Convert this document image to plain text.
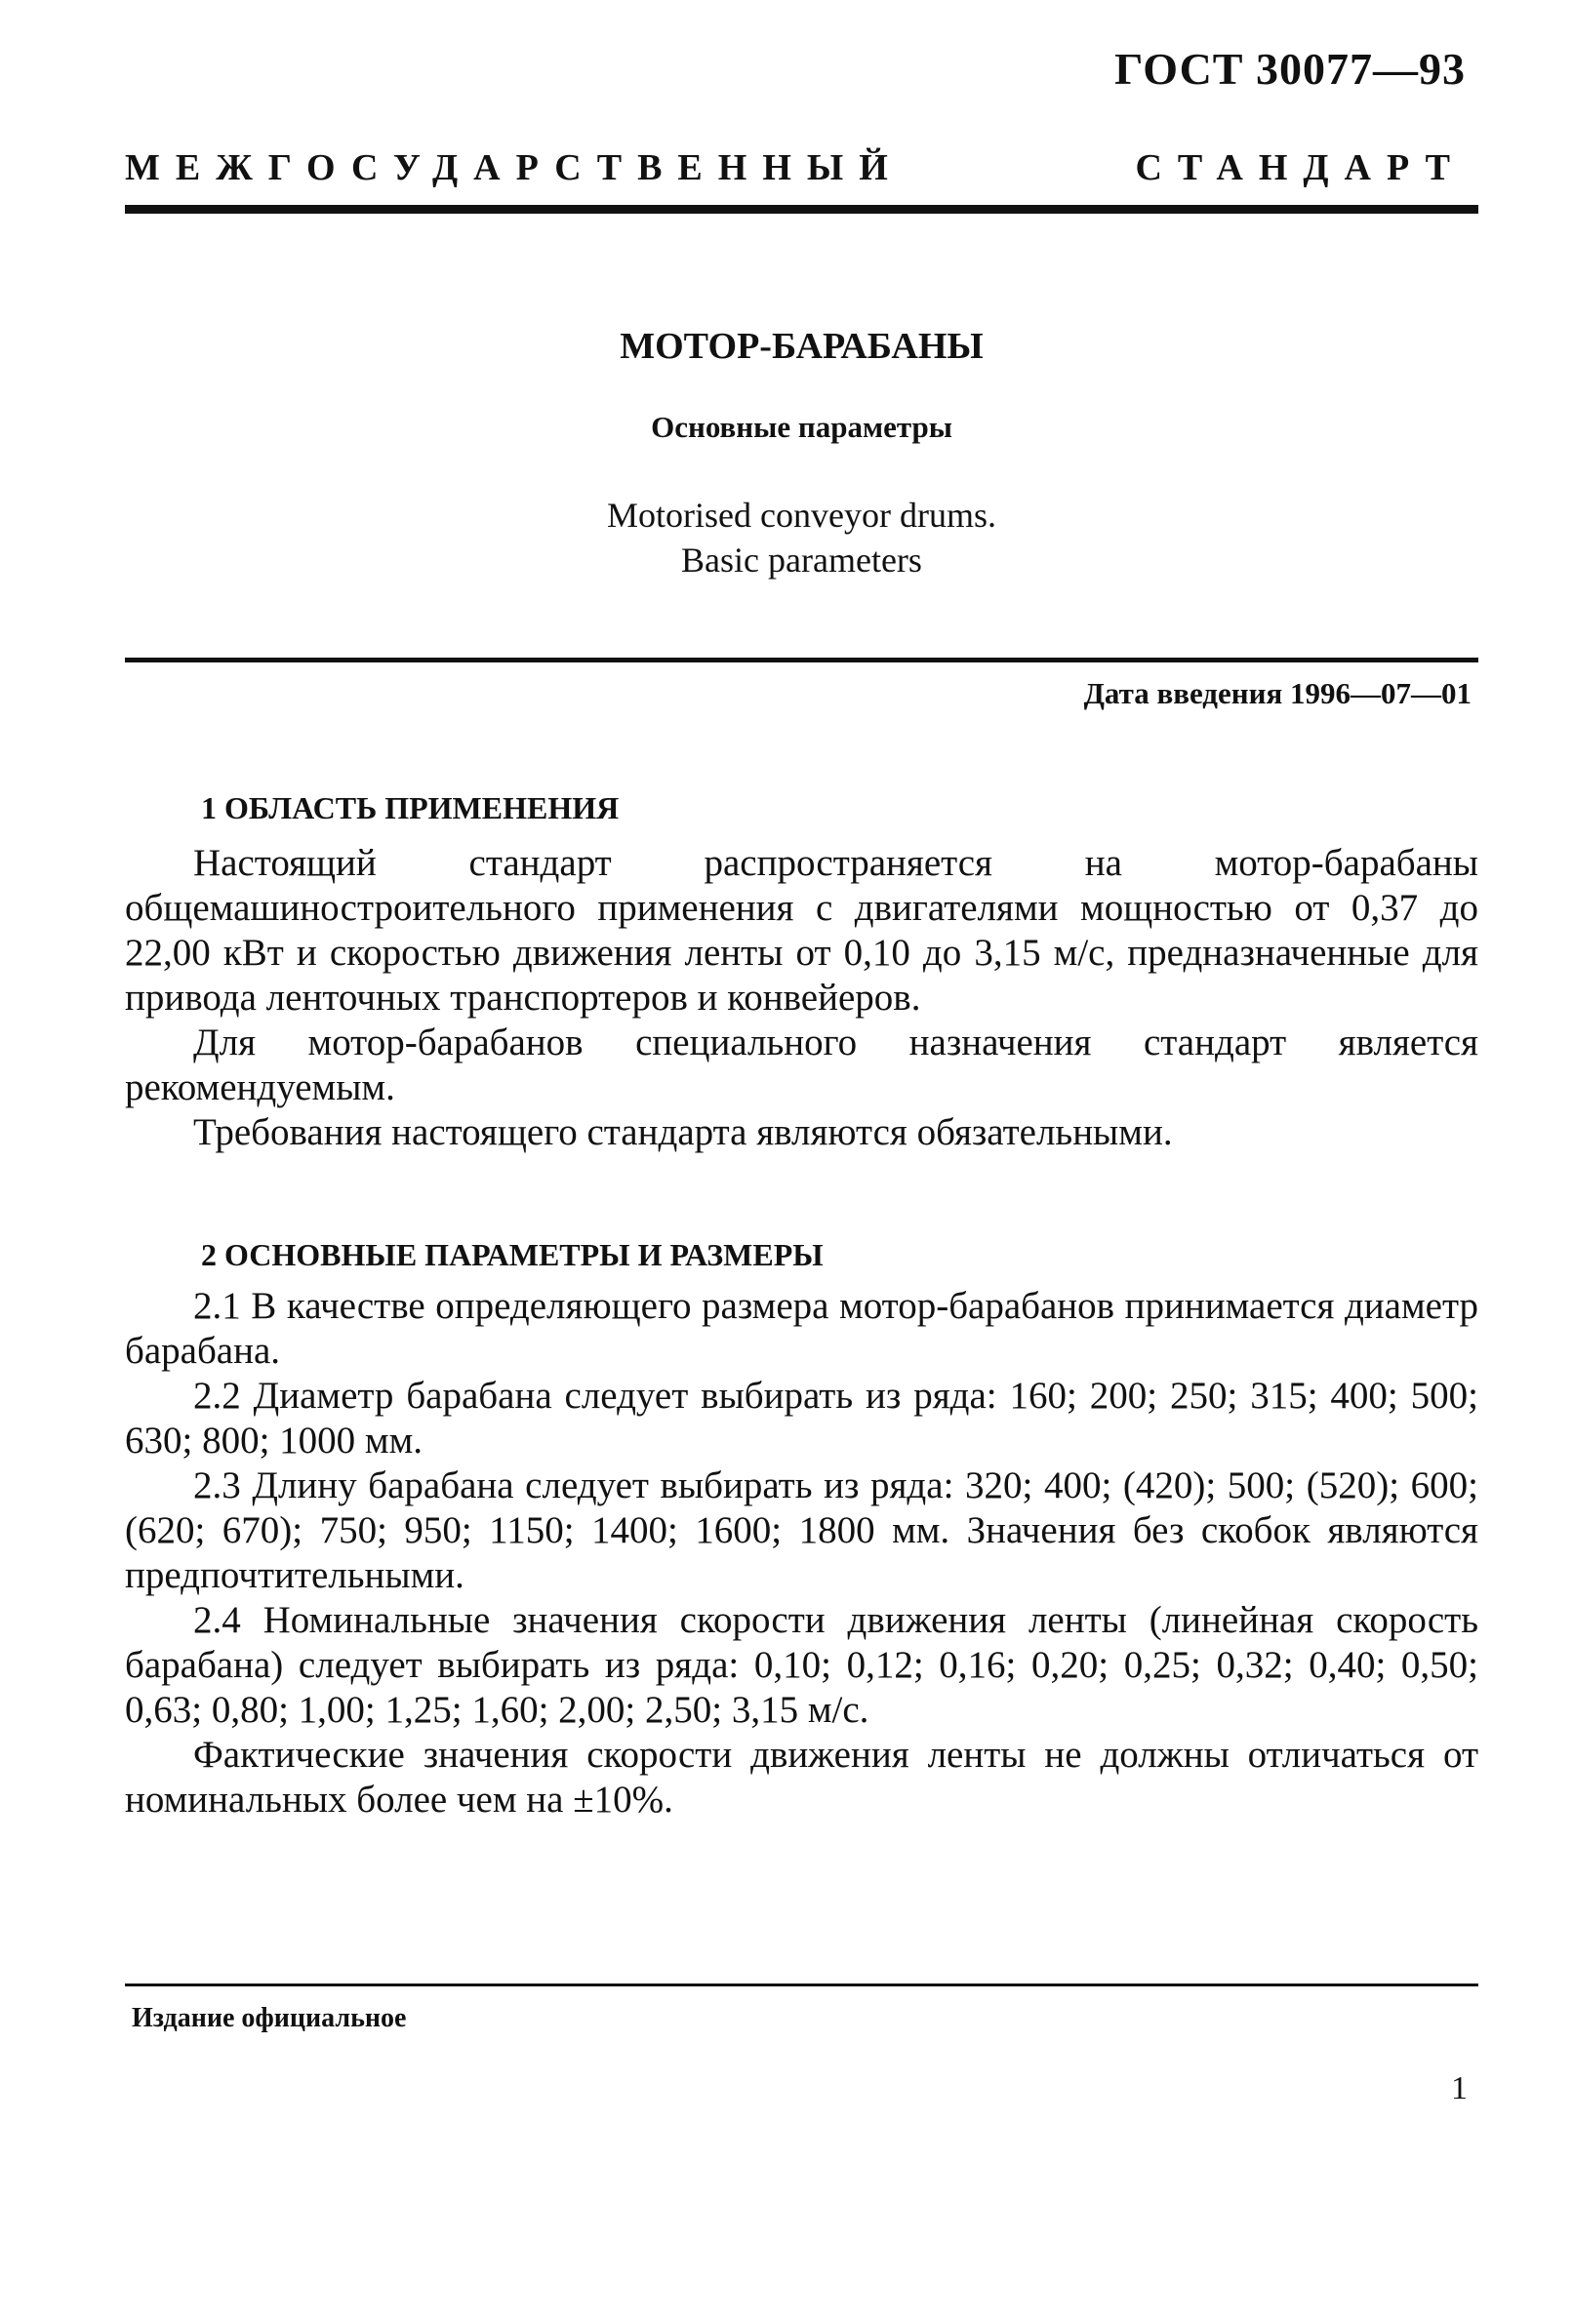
ГОСТ 30077—93
МЕЖГОСУДАРСТВЕННЫЙ	СТАНДАРТ
МОТОР-БАРАБАНЫ
Основные параметры
Motorised conveyor drums.
Basic parameters
Дата введения 1996—07—01
1 ОБЛАСТЬ ПРИМЕНЕНИЯ

Настоящий стандарт распространяется на мотор-барабаны общемашиностроительного применения с двигателями мощностью от 0,37 до 22,00 кВт и скоростью движения ленты от 0,10 до 3,15 м/с, предназначенные для привода ленточных транспортеров и конвейеров.

Для мотор-барабанов специального назначения стандарт является рекомендуемым.

Требования настоящего стандарта являются обязательными.

2 ОСНОВНЫЕ ПАРАМЕТРЫ И РАЗМЕРЫ

2.1 В качестве определяющего размера мотор-барабанов принимается диаметр барабана.

2.2 Диаметр барабана следует выбирать из ряда: 160; 200; 250; 315; 400; 500; 630; 800; 1000 мм.

2.3 Длину барабана следует выбирать из ряда: 320; 400; (420); 500; (520); 600; (620; 670); 750; 950; 1150; 1400; 1600; 1800 мм. Значения без скобок являются предпочтительными.

2.4 Номинальные значения скорости движения ленты (линейная скорость барабана) следует выбирать из ряда: 0,10; 0,12; 0,16; 0,20; 0,25; 0,32; 0,40; 0,50; 0,63; 0,80; 1,00; 1,25; 1,60; 2,00; 2,50; 3,15 м/с.

Фактические значения скорости движения ленты не должны отличаться от номинальных более чем на ±10%.

Издание официальное
1
